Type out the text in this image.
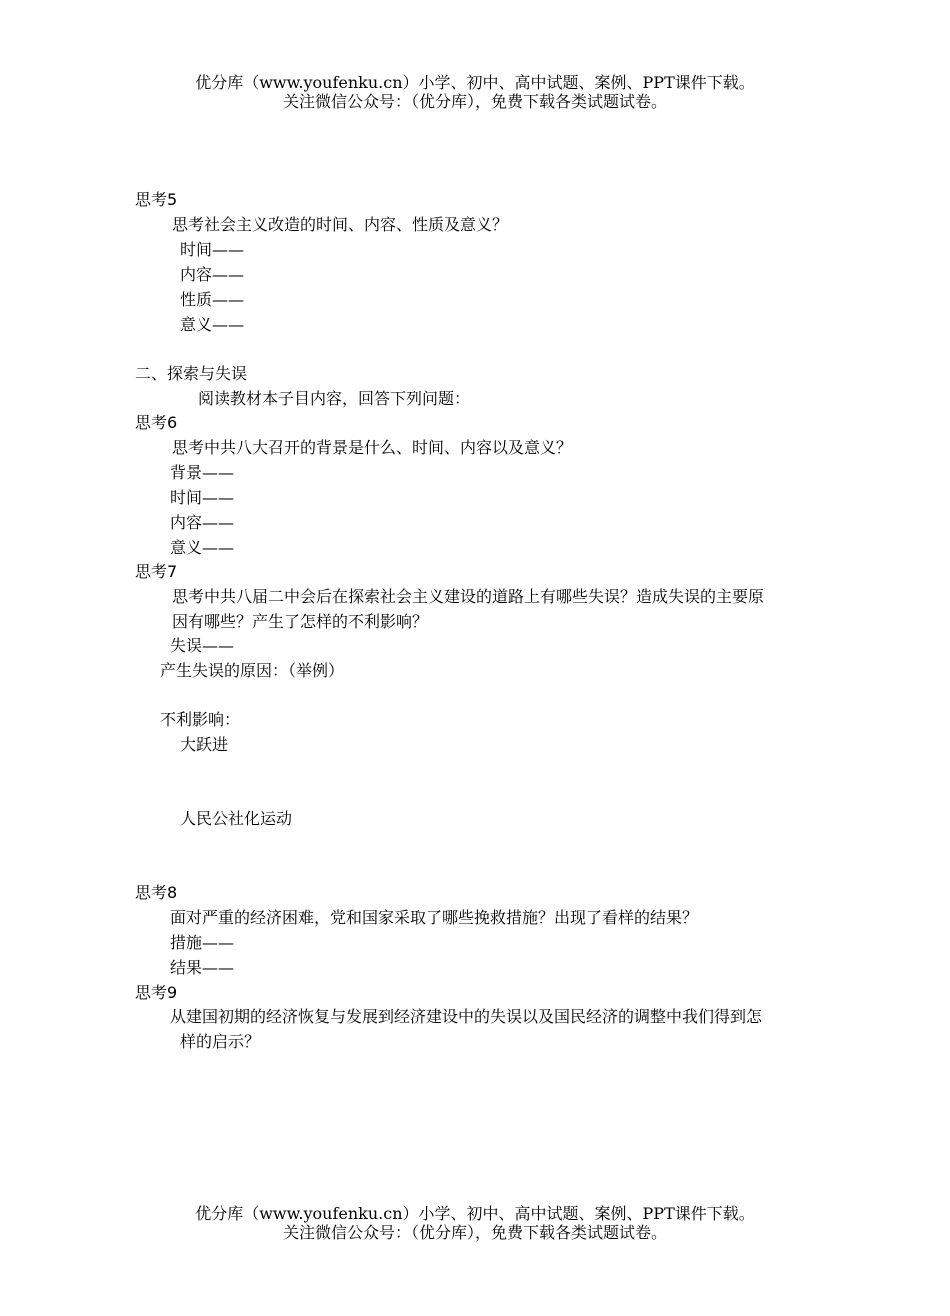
优分库（www.youfenku.cn）小学、初中、高中试题、案例、PPT课件下载。
关注微信公众号：（优分库），免费下载各类试题试卷。
思考5
思考社会主义改造的时间、内容、性质及意义？
时间——
内容——
性质——
意义——
二、探索与失误
阅读教材本子目内容，回答下列问题：
思考6
思考中共八大召开的背景是什么、时间、内容以及意义？
背景——
时间——
内容——
意义——
思考7
思考中共八届二中会后在探索社会主义建设的道路上有哪些失误？造成失误的主要原
因有哪些？产生了怎样的不利影响？
失误——
产生失误的原因：（举例）
不利影响：
大跃进
人民公社化运动
思考8
面对严重的经济困难，党和国家采取了哪些挽救措施？出现了看样的结果？
措施——
结果——
思考9
从建国初期的经济恢复与发展到经济建设中的失误以及国民经济的调整中我们得到怎
样的启示？
优分库（www.youfenku.cn）小学、初中、高中试题、案例、PPT课件下载。
关注微信公众号：（优分库），免费下载各类试题试卷。
